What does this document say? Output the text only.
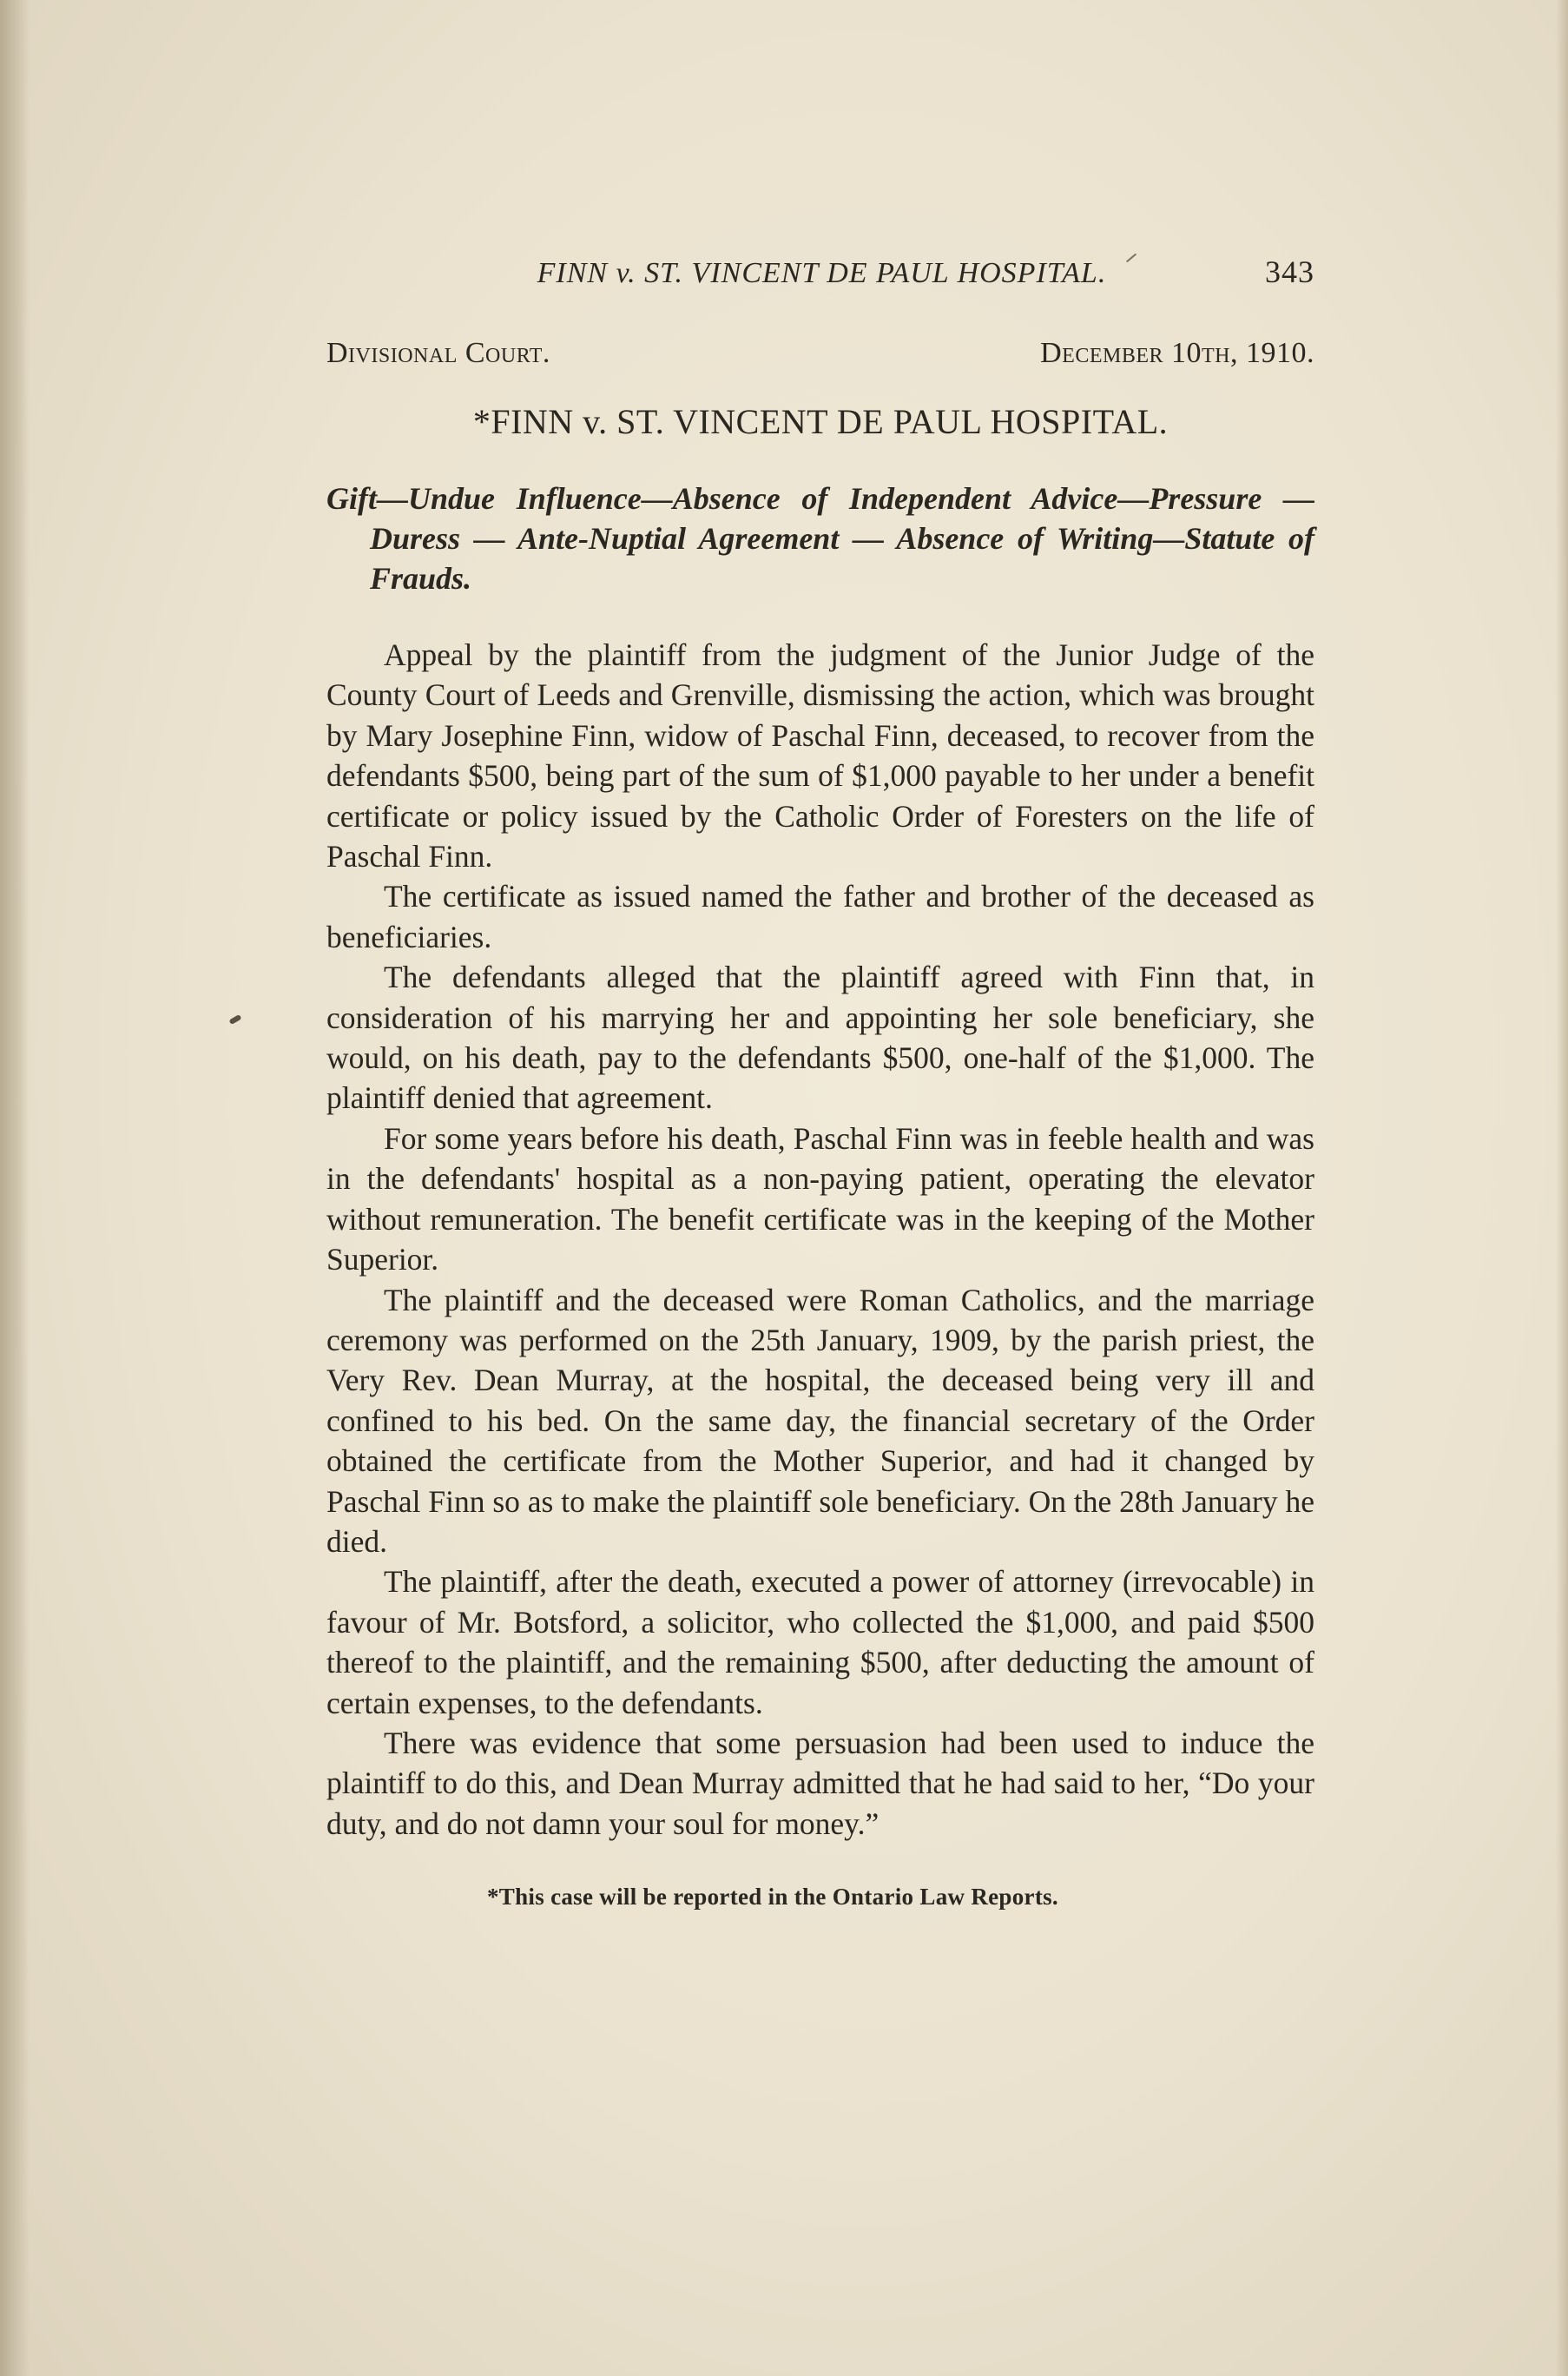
FINN v. ST. VINCENT DE PAUL HOSPITAL.	343
Divisional Court.	December 10th, 1910.
*FINN v. ST. VINCENT DE PAUL HOSPITAL.
Gift—Undue Influence—Absence of Independent Advice—Pressure — Duress — Ante-Nuptial Agreement — Absence of Writing—Statute of Frauds.

Appeal by the plaintiff from the judgment of the Junior Judge of the County Court of Leeds and Grenville, dismissing the action, which was brought by Mary Josephine Finn, widow of Paschal Finn, deceased, to recover from the defendants $500, being part of the sum of $1,000 payable to her under a benefit certificate or policy issued by the Catholic Order of Foresters on the life of Paschal Finn.

The certificate as issued named the father and brother of the deceased as beneficiaries.

The defendants alleged that the plaintiff agreed with Finn that, in consideration of his marrying her and appointing her sole beneficiary, she would, on his death, pay to the defendants $500, one-half of the $1,000. The plaintiff denied that agreement.

For some years before his death, Paschal Finn was in feeble health and was in the defendants' hospital as a non-paying patient, operating the elevator without remuneration. The benefit certificate was in the keeping of the Mother Superior.

The plaintiff and the deceased were Roman Catholics, and the marriage ceremony was performed on the 25th January, 1909, by the parish priest, the Very Rev. Dean Murray, at the hospital, the deceased being very ill and confined to his bed. On the same day, the financial secretary of the Order obtained the certificate from the Mother Superior, and had it changed by Paschal Finn so as to make the plaintiff sole beneficiary. On the 28th January he died.

The plaintiff, after the death, executed a power of attorney (irrevocable) in favour of Mr. Botsford, a solicitor, who collected the $1,000, and paid $500 thereof to the plaintiff, and the remaining $500, after deducting the amount of certain expenses, to the defendants.

There was evidence that some persuasion had been used to induce the plaintiff to do this, and Dean Murray admitted that he had said to her, “Do your duty, and do not damn your soul for money.”

*This case will be reported in the Ontario Law Reports.
